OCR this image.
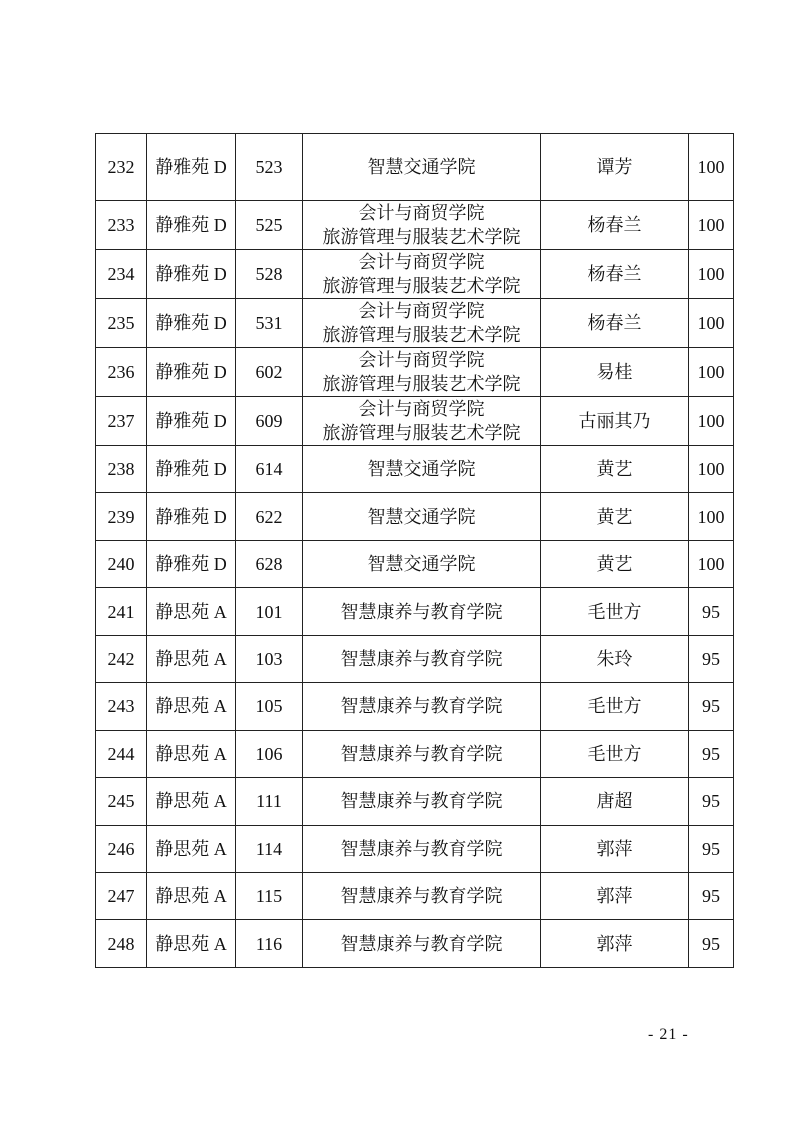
232	静雅苑 D	523	智慧交通学院	谭芳	100
233	静雅苑 D	525	会计与商贸学院
旅游管理与服装艺术学院	杨春兰	100
234	静雅苑 D	528	会计与商贸学院
旅游管理与服装艺术学院	杨春兰	100
235	静雅苑 D	531	会计与商贸学院
旅游管理与服装艺术学院	杨春兰	100
236	静雅苑 D	602	会计与商贸学院
旅游管理与服装艺术学院	易桂	100
237	静雅苑 D	609	会计与商贸学院
旅游管理与服装艺术学院	古丽其乃	100
238	静雅苑 D	614	智慧交通学院	黄艺	100
239	静雅苑 D	622	智慧交通学院	黄艺	100
240	静雅苑 D	628	智慧交通学院	黄艺	100
241	静思苑 A	101	智慧康养与教育学院	毛世方	95
242	静思苑 A	103	智慧康养与教育学院	朱玲	95
243	静思苑 A	105	智慧康养与教育学院	毛世方	95
244	静思苑 A	106	智慧康养与教育学院	毛世方	95
245	静思苑 A	111	智慧康养与教育学院	唐超	95
246	静思苑 A	114	智慧康养与教育学院	郭萍	95
247	静思苑 A	115	智慧康养与教育学院	郭萍	95
248	静思苑 A	116	智慧康养与教育学院	郭萍	95
- 21 -
